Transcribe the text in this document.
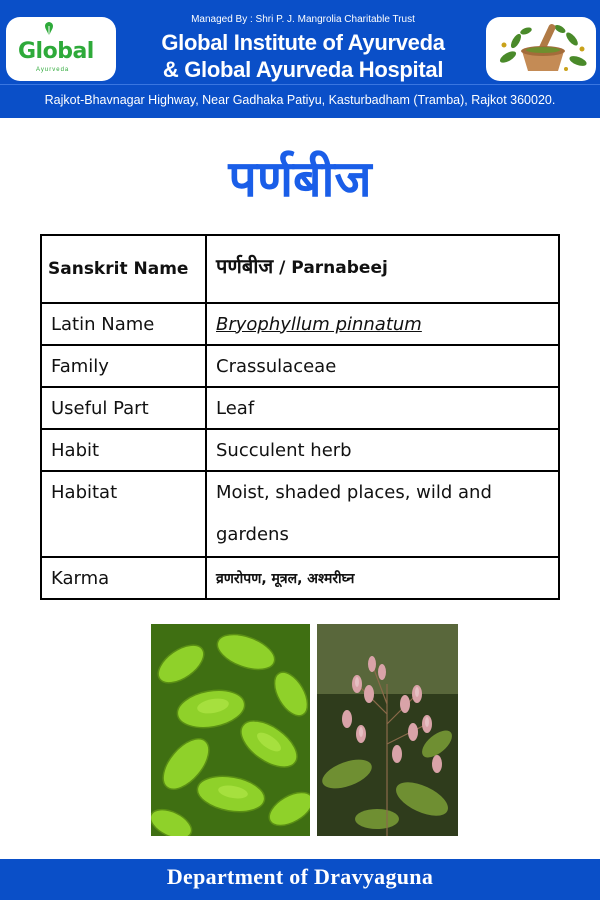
Global
Ayurveda
Managed By : Shri P. J. Mangrolia Charitable Trust
Global Institute of Ayurveda
& Global Ayurveda Hospital
Rajkot-Bhavnagar Highway, Near Gadhaka Patiyu, Kasturbadham (Tramba), Rajkot 360020.
पर्णबीज
Sanskrit Name	पर्णबीज / Parnabeej
Latin Name	Bryophyllum pinnatum
Family	Crassulaceae
Useful Part	Leaf
Habit	Succulent herb
Habitat	Moist, shaded places, wild and gardens
Karma	व्रणरोपण, मूत्रल, अश्मरीघ्न
Department of Dravyaguna
